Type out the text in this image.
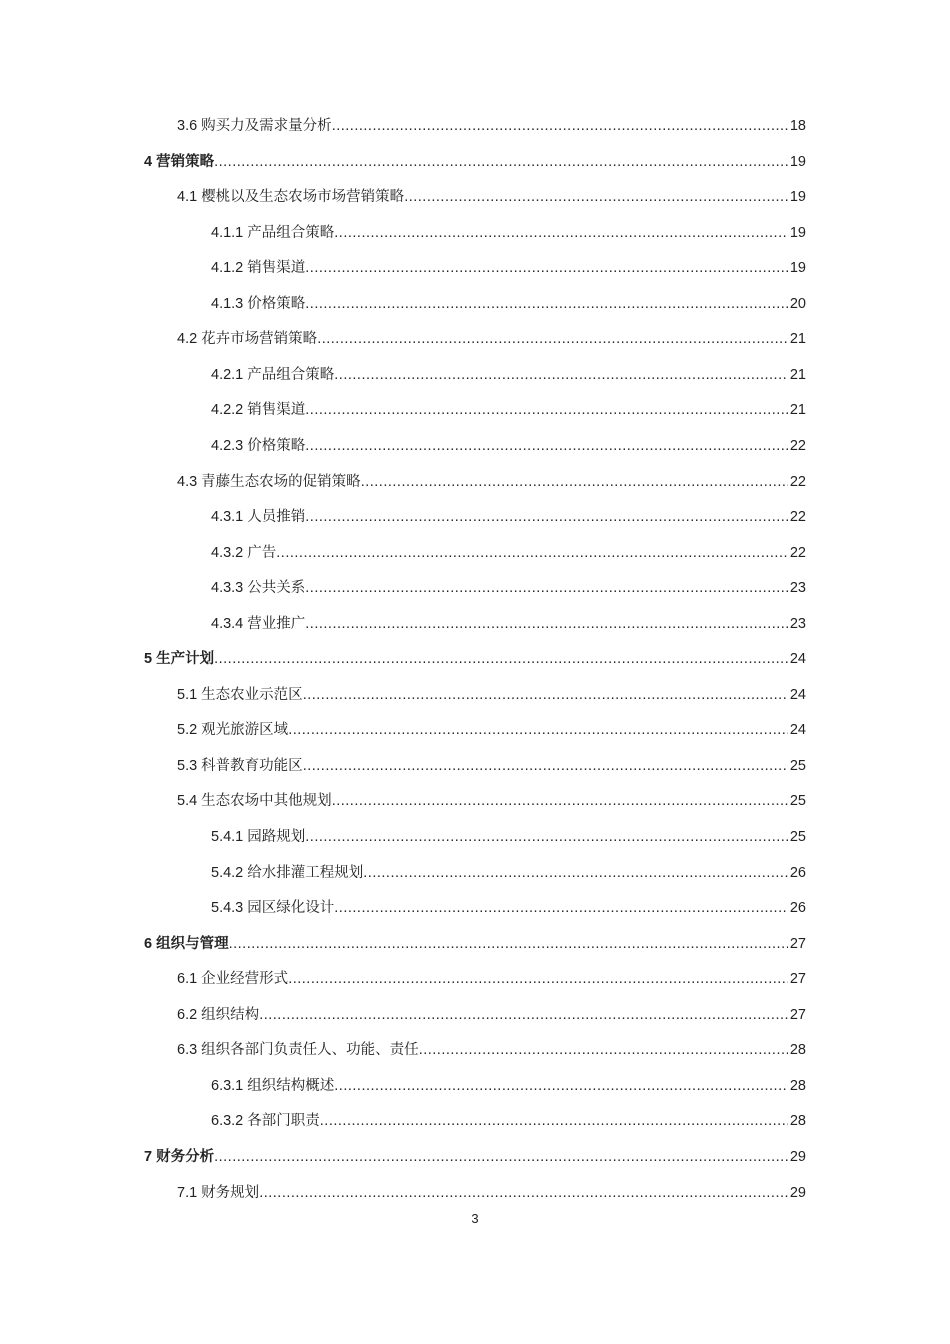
3.6 购买力及需求量分析 .....	18
4 营销策略 .....	19
4.1 樱桃以及生态农场市场营销策略 .....	19
4.1.1 产品组合策略 .....	19
4.1.2 销售渠道 .....	19
4.1.3 价格策略 .....	20
4.2 花卉市场营销策略 .....	21
4.2.1 产品组合策略 .....	21
4.2.2 销售渠道 .....	21
4.2.3 价格策略 .....	22
4.3 青藤生态农场的促销策略 .....	22
4.3.1 人员推销 .....	22
4.3.2 广告 .....	22
4.3.3 公共关系 .....	23
4.3.4 营业推广 .....	23
5 生产计划 .....	24
5.1 生态农业示范区 .....	24
5.2 观光旅游区域 .....	24
5.3 科普教育功能区 .....	25
5.4 生态农场中其他规划 .....	25
5.4.1 园路规划 .....	25
5.4.2 给水排灌工程规划 .....	26
5.4.3 园区绿化设计 .....	26
6 组织与管理 .....	27
6.1 企业经营形式 .....	27
6.2 组织结构 .....	27
6.3 组织各部门负责任人、功能、责任 .....	28
6.3.1 组织结构概述 .....	28
6.3.2 各部门职责 .....	28
7 财务分析 .....	29
7.1 财务规划 .....	29
3
